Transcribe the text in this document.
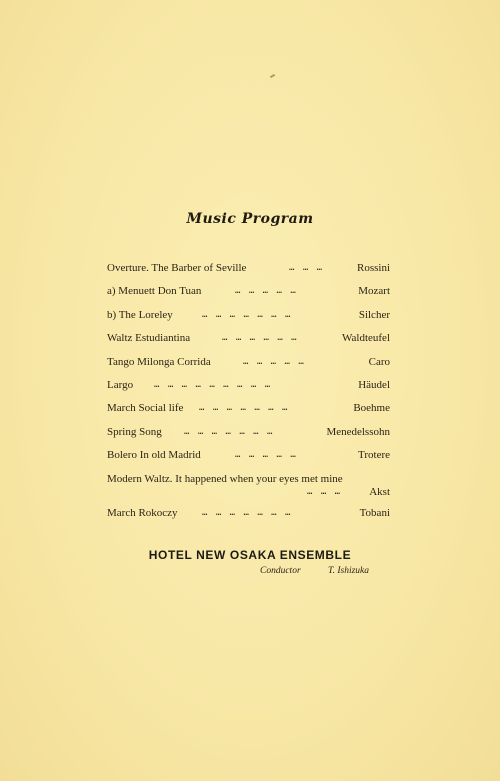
Music Program
Overture. The Barber of Seville	… … …	Rossini
a) Menuett Don Tuan	… … … … …	Mozart
b) The Loreley	… … … … … … …	Silcher
Waltz Estudiantina	… … … … … …	Waldteufel
Tango Milonga Corrida	… … … … …	Caro
Largo … … … … … … … … …	Häudel
March Social life … … … … … … …	Boehme
Spring Song … … … … … … …	Menedelssohn
Bolero In old Madrid	… … … … …	Trotere
Modern Waltz. It happened when your eyes met mine
… … …	Akst
March Rokoczy	… … … … … … …	Tobani
HOTEL NEW OSAKA ENSEMBLE
Conductor	T. Ishizuka
